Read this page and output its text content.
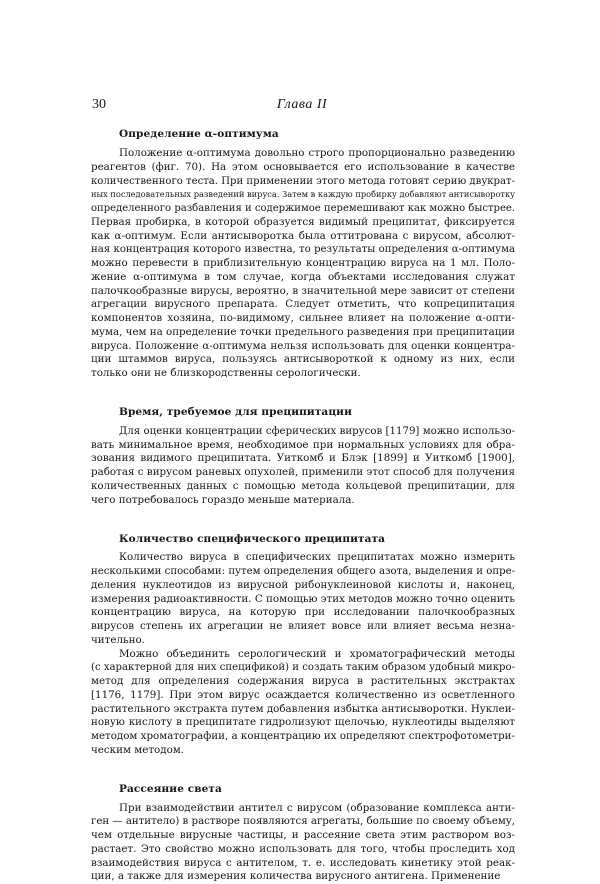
30	Глава II
Определение α-оптимума
Положение α-оптимума довольно строго пропорционально разведению
реагентов (фиг. 70). На этом основывается его использование в качестве
количественного теста. При применении этого метода готовят серию двукрат-
ных последовательных разведений вируса. Затем в каждую пробирку добавляют антисыворотку
определенного разбавления и содержимое перемешивают как можно быстрее.
Первая пробирка, в которой образуется видимый преципитат, фиксируется
как α-оптимум. Если антисыворотка была оттитрована с вирусом, абсолют-
ная концентрация которого известна, то результаты определения α-оптимума
можно перевести в приблизительную концентрацию вируса на 1 мл. Поло-
жение α-оптимума в том случае, когда объектами исследования служат
палочкообразные вирусы, вероятно, в значительной мере зависит от степени
агрегации вирусного препарата. Следует отметить, что копреципитация
компонентов хозяина, по-видимому, сильнее влияет на положение α-опти-
мума, чем на определение точки предельного разведения при преципитации
вируса. Положение α-оптимума нельзя использовать для оценки концентра-
ции штаммов вируса, пользуясь антисывороткой к одному из них, если
только они не близкородственны серологически.
Время, требуемое для преципитации
Для оценки концентрации сферических вирусов [1179] можно использо-
вать минимальное время, необходимое при нормальных условиях для обра-
зования видимого преципитата. Уиткомб и Блэк [1899] и Уиткомб [1900],
работая с вирусом раневых опухолей, применили этот способ для получения
количественных данных с помощью метода кольцевой преципитации, для
чего потребовалось гораздо меньше материала.
Количество специфического преципитата
Количество вируса в специфических преципитатах можно измерить
несколькими способами: путем определения общего азота, выделения и опре-
деления нуклеотидов из вирусной рибонуклеиновой кислоты и, наконец,
измерения радиоактивности. С помощью этих методов можно точно оценить
концентрацию вируса, на которую при исследовании палочкообразных
вирусов степень их агрегации не влияет вовсе или влияет весьма незна-
чительно.
Можно объединить серологический и хроматографический методы
(с характерной для них спецификой) и создать таким образом удобный микро-
метод для определения содержания вируса в растительных экстрактах
[1176, 1179]. При этом вирус осаждается количественно из осветленного
растительного экстракта путем добавления избытка антисыворотки. Нуклеи-
новую кислоту в преципитате гидролизуют щелочью, нуклеотиды выделяют
методом хроматографии, а концентрацию их определяют спектрофотометри-
ческим методом.
Рассеяние света
При взаимодействии антител с вирусом (образование комплекса анти-
ген — антитело) в растворе появляются агрегаты, большие по своему объему,
чем отдельные вирусные частицы, и рассеяние света этим раствором воз-
растает. Это свойство можно использовать для того, чтобы проследить ход
взаимодействия вируса с антителом, т. е. исследовать кинетику этой реак-
ции, а также для измерения количества вирусного антигена. Применение
